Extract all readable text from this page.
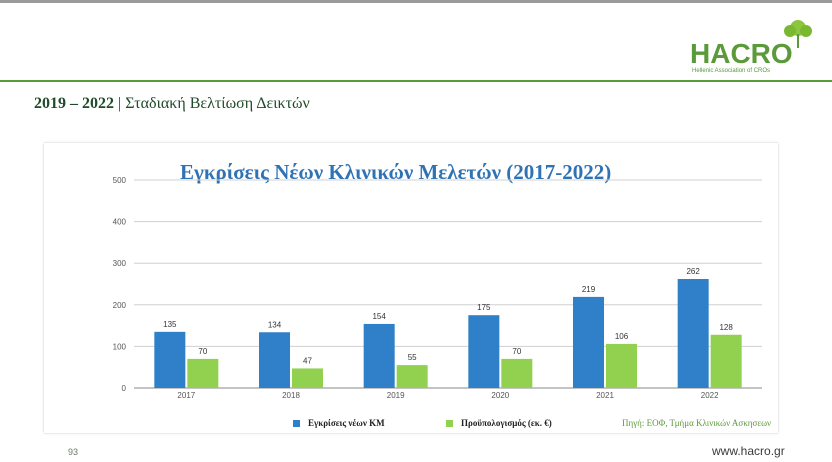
HACRO
Hellenic Association of CROs
2019 – 2022 | Σταδιακή Βελτίωση Δεικτών
Εγκρίσεις Νέων Κλινικών Μελετών (2017-2022)
0
100
200
300
400
500
135
70
2017
134
47
2018
154
55
2019
175
70
2020
219
106
2021
262
128
2022
Εγκρίσεις νέων ΚΜ	Προϋπολογισμός (εκ. €)	Πηγή: ΕΟΦ, Τμήμα Κλινικών Ασκησεων
93	www.hacro.gr
